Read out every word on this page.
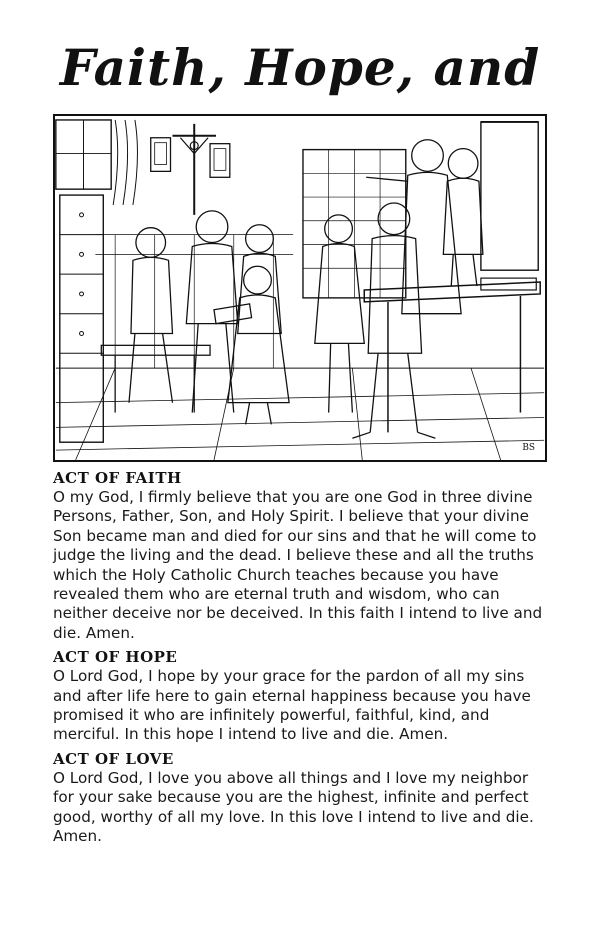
Faith, Hope, and
BS

ACT OF FAITH

O my God, I firmly believe that you are one God in three divine Persons, Father, Son, and Holy Spirit. I believe that your divine Son became man and died for our sins and that he will come to judge the living and the dead. I believe these and all the truths which the Holy Catholic Church teaches because you have revealed them who are eternal truth and wisdom, who can neither deceive nor be deceived. In this faith I intend to live and die. Amen.

ACT OF HOPE

O Lord God, I hope by your grace for the pardon of all my sins and after life here to gain eternal happiness because you have promised it who are infinitely powerful, faithful, kind, and merciful. In this hope I intend to live and die. Amen.

ACT OF LOVE

O Lord God, I love you above all things and I love my neighbor for your sake because you are the highest, infinite and perfect good, worthy of all my love. In this love I intend to live and die. Amen.
